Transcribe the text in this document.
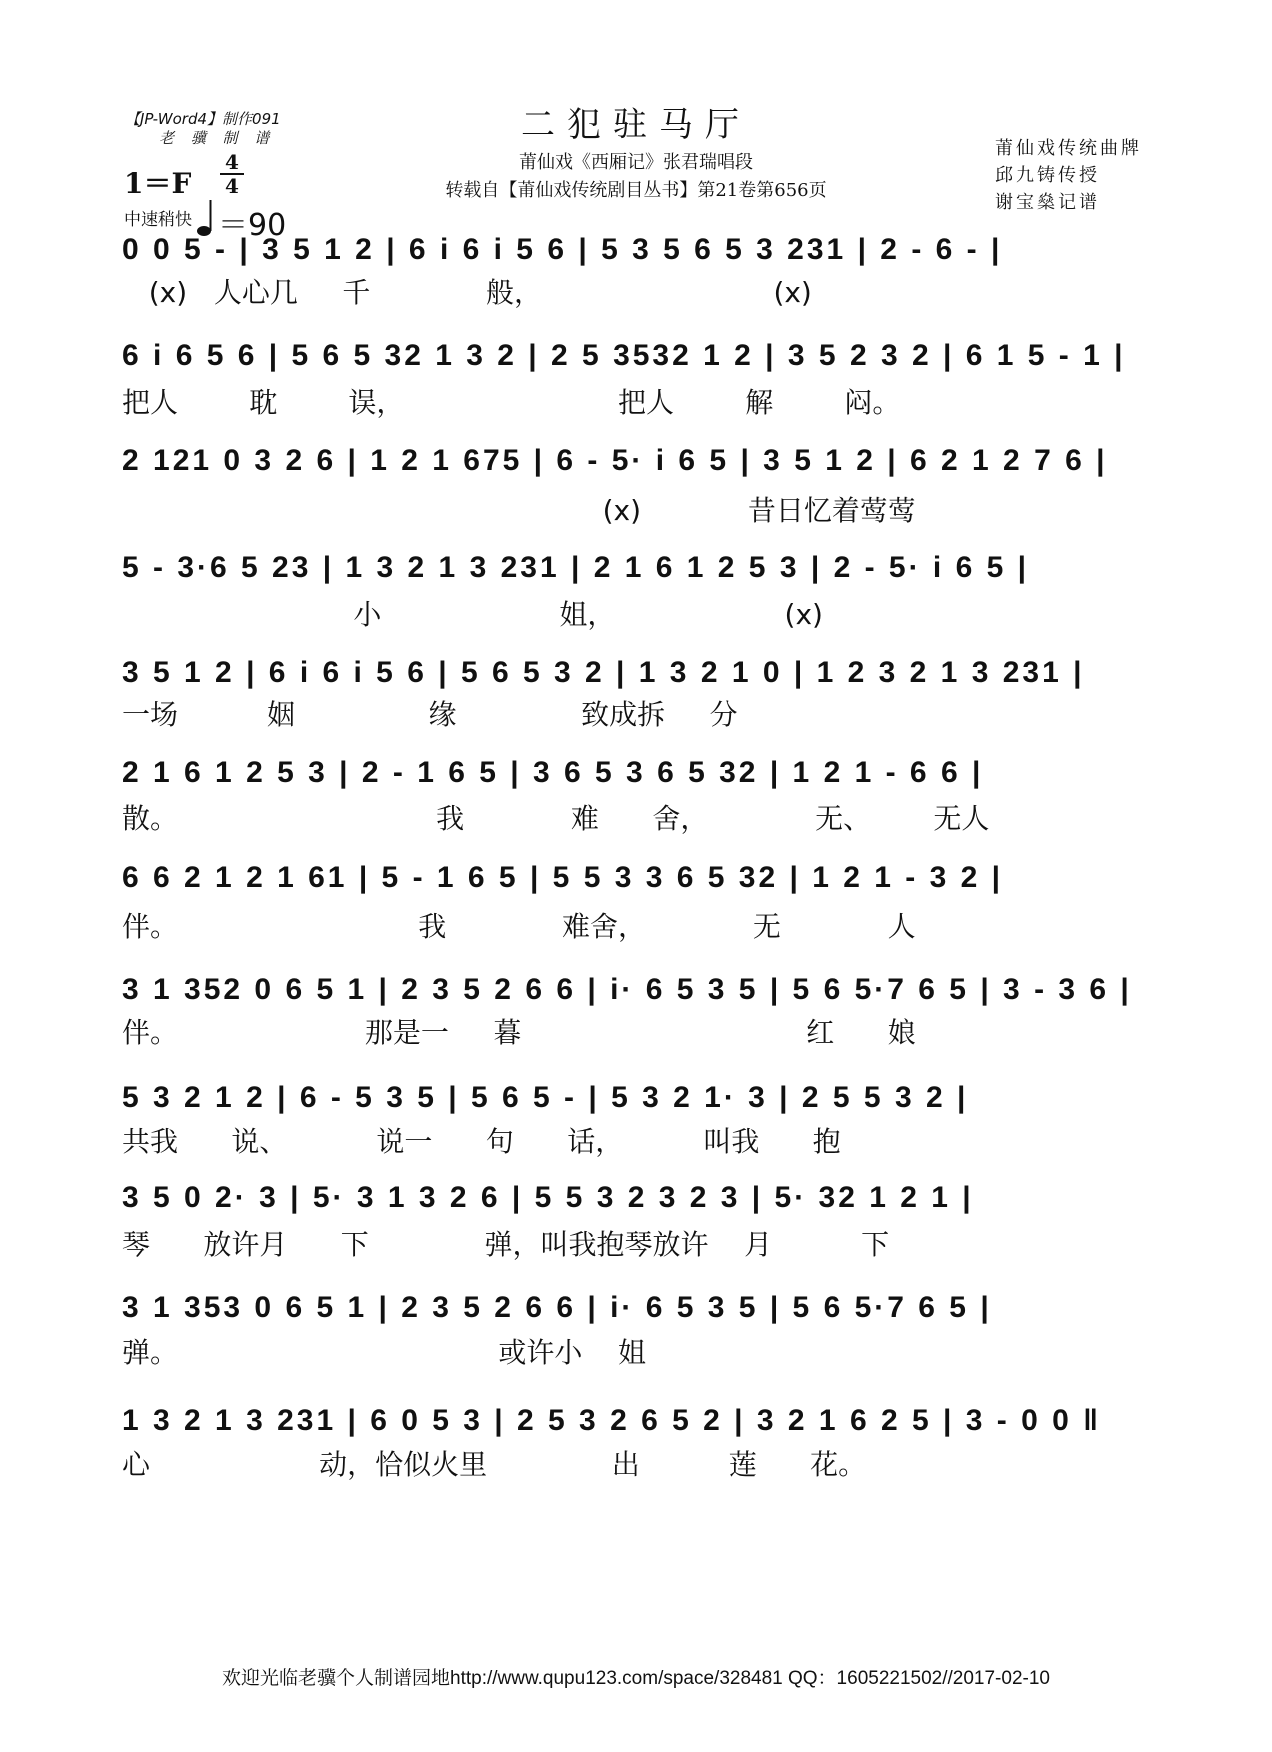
【JP-Word4】制作091
老 骥 制 谱	二犯驻马厅
莆仙戏《西厢记》张君瑞唱段
转载自【莆仙戏传统剧目丛书】第21卷第656页
莆仙戏传统曲牌
邱九铸传授
谢宝燊记谱
1＝F
4
4
中速稍快 ＝90
0 0 5 - | 3 5 1 2 | 6 i 6 i 5 6 | 5 3 5 6 5 3 231 | 2 - 6 - |
(x)   人心几     千             般，                          (x)
6 i 6 5 6 | 5 6 5 32 1 3 2 | 2 5 3532 1 2 | 3 5 2 3 2 | 6 1 5 - 1 |
把人        耽        误，                        把人        解        闷。
2 121 0 3 2 6 | 1 2 1 675 | 6 - 5· i 6 5 | 3 5 1 2 | 6 2 1 2 7 6 |
(x)            昔日忆着莺莺
5 - 3·6 5 23 | 1 3 2 1 3 231 | 2 1 6 1 2 5 3 | 2 - 5· i 6 5 |
小                    姐，                   (x)
3 5 1 2 | 6 i 6 i 5 6 | 5 6 5 3 2 | 1 3 2 1 0 | 1 2 3 2 1 3 231 |
一场          姻               缘              致成拆     分
2 1 6 1 2 5 3 | 2 - 1 6 5 | 3 6 5 3 6 5 32 | 1 2 1 - 6 6 |
散。                             我            难      舍，            无、       无人
6 6 2 1 2 1 61 | 5 - 1 6 5 | 5 5 3 3 6 5 32 | 1 2 1 - 3 2 |
伴。                           我             难舍，            无            人
3 1 352 0 6 5 1 | 2 3 5 2 6 6 | i· 6 5 3 5 | 5 6 5·7 6 5 | 3 - 3 6 |
伴。                     那是一     暮                                红      娘
5 3 2 1 2 | 6 - 5 3 5 | 5 6 5 - | 5 3 2 1· 3 | 2 5 5 3 2 |
共我      说、          说一      句      话，         叫我      抱
3 5 0 2· 3 | 5· 3 1 3 2 6 | 5 5 3 2 3 2 3 | 5· 32 1 2 1 |
琴      放许月      下             弹，叫我抱琴放许    月          下
3 1 353 0 6 5 1 | 2 3 5 2 6 6 | i· 6 5 3 5 | 5 6 5·7 6 5 |
弹。                                    或许小    姐
1 3 2 1 3 231 | 6 0 5 3 | 2 5 3 2 6 5 2 | 3 2 1 6 2 5 | 3 - 0 0 ‖
心                   动，恰似火里              出          莲      花。
欢迎光临老骥个人制谱园地http://www.qupu123.com/space/328481 QQ：1605221502//2017-02-10
